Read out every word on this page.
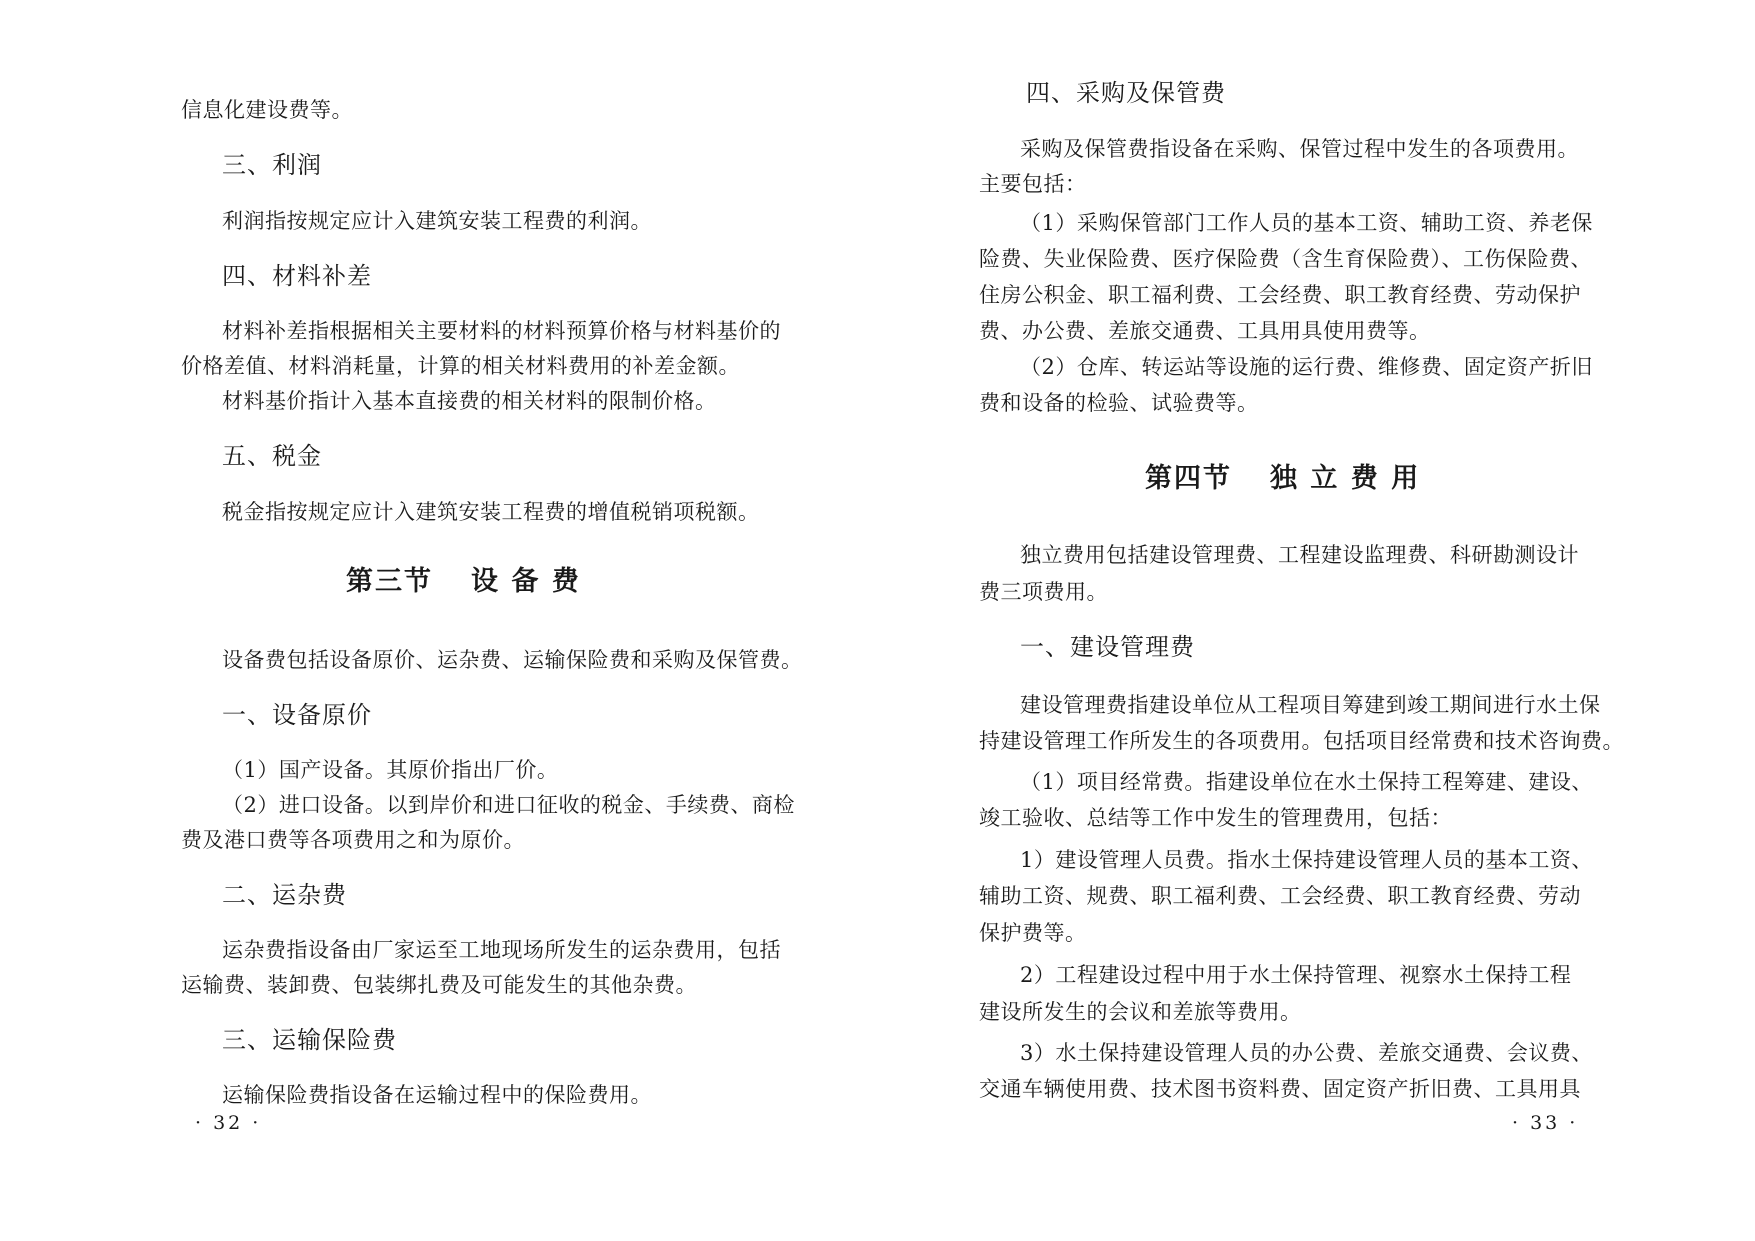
信息化建设费等。
三、利润
利润指按规定应计入建筑安装工程费的利润。
四、材料补差
材料补差指根据相关主要材料的材料预算价格与材料基价的
价格差值、材料消耗量，计算的相关材料费用的补差金额。
材料基价指计入基本直接费的相关材料的限制价格。
五、税金
税金指按规定应计入建筑安装工程费的增值税销项税额。
第三节 设 备 费
设备费包括设备原价、运杂费、运输保险费和采购及保管费。
一、设备原价
（1）国产设备。其原价指出厂价。
（2）进口设备。以到岸价和进口征收的税金、手续费、商检
费及港口费等各项费用之和为原价。
二、运杂费
运杂费指设备由厂家运至工地现场所发生的运杂费用，包括
运输费、装卸费、包装绑扎费及可能发生的其他杂费。
三、运输保险费
运输保险费指设备在运输过程中的保险费用。
· 32 ·
四、采购及保管费
采购及保管费指设备在采购、保管过程中发生的各项费用。
主要包括：
（1）采购保管部门工作人员的基本工资、辅助工资、养老保
险费、失业保险费、医疗保险费（含生育保险费）、工伤保险费、
住房公积金、职工福利费、工会经费、职工教育经费、劳动保护
费、办公费、差旅交通费、工具用具使用费等。
（2）仓库、转运站等设施的运行费、维修费、固定资产折旧
费和设备的检验、试验费等。
第四节 独 立 费 用
独立费用包括建设管理费、工程建设监理费、科研勘测设计
费三项费用。
一、建设管理费
建设管理费指建设单位从工程项目筹建到竣工期间进行水土保
持建设管理工作所发生的各项费用。包括项目经常费和技术咨询费。
（1）项目经常费。指建设单位在水土保持工程筹建、建设、
竣工验收、总结等工作中发生的管理费用，包括：
1）建设管理人员费。指水土保持建设管理人员的基本工资、
辅助工资、规费、职工福利费、工会经费、职工教育经费、劳动
保护费等。
2）工程建设过程中用于水土保持管理、视察水土保持工程
建设所发生的会议和差旅等费用。
3）水土保持建设管理人员的办公费、差旅交通费、会议费、
交通车辆使用费、技术图书资料费、固定资产折旧费、工具用具
· 33 ·
